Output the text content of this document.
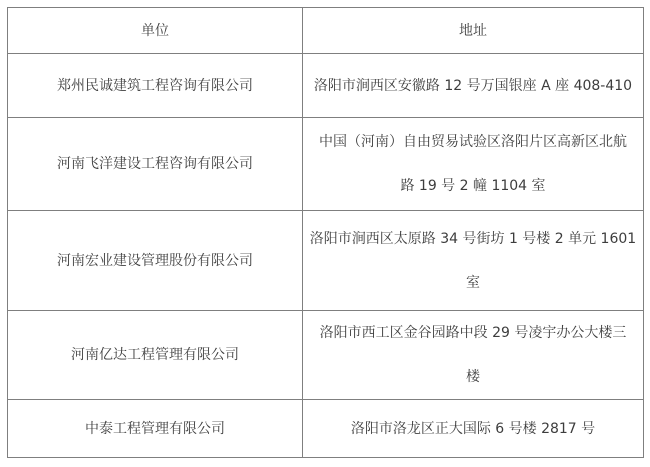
单位	地址

郑州民诚建筑工程咨询有限公司	洛阳市涧西区安徽路 12 号万国银座 A 座 408-410

河南飞洋建设工程咨询有限公司	中国（河南）自由贸易试验区洛阳片区高新区北航
路 19 号 2 幢 1104 室

河南宏业建设管理股份有限公司	洛阳市涧西区太原路 34 号街坊 1 号楼 2 单元 1601
室

河南亿达工程管理有限公司	洛阳市西工区金谷园路中段 29 号凌宇办公大楼三
楼

中泰工程管理有限公司	洛阳市洛龙区正大国际 6 号楼 2817 号
